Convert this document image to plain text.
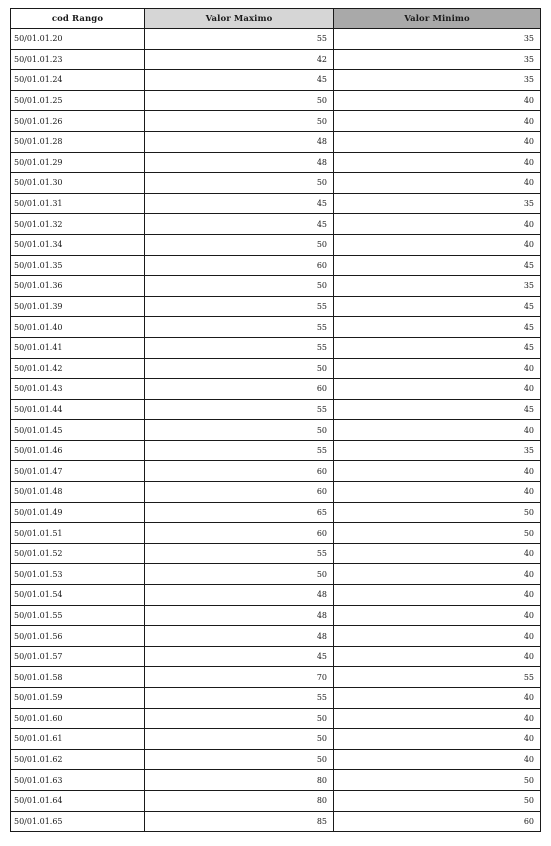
cod Rango	Valor Maximo	Valor Minimo
50/01.01.20	55	35
50/01.01.23	42	35
50/01.01.24	45	35
50/01.01.25	50	40
50/01.01.26	50	40
50/01.01.28	48	40
50/01.01.29	48	40
50/01.01.30	50	40
50/01.01.31	45	35
50/01.01.32	45	40
50/01.01.34	50	40
50/01.01.35	60	45
50/01.01.36	50	35
50/01.01.39	55	45
50/01.01.40	55	45
50/01.01.41	55	45
50/01.01.42	50	40
50/01.01.43	60	40
50/01.01.44	55	45
50/01.01.45	50	40
50/01.01.46	55	35
50/01.01.47	60	40
50/01.01.48	60	40
50/01.01.49	65	50
50/01.01.51	60	50
50/01.01.52	55	40
50/01.01.53	50	40
50/01.01.54	48	40
50/01.01.55	48	40
50/01.01.56	48	40
50/01.01.57	45	40
50/01.01.58	70	55
50/01.01.59	55	40
50/01.01.60	50	40
50/01.01.61	50	40
50/01.01.62	50	40
50/01.01.63	80	50
50/01.01.64	80	50
50/01.01.65	85	60
